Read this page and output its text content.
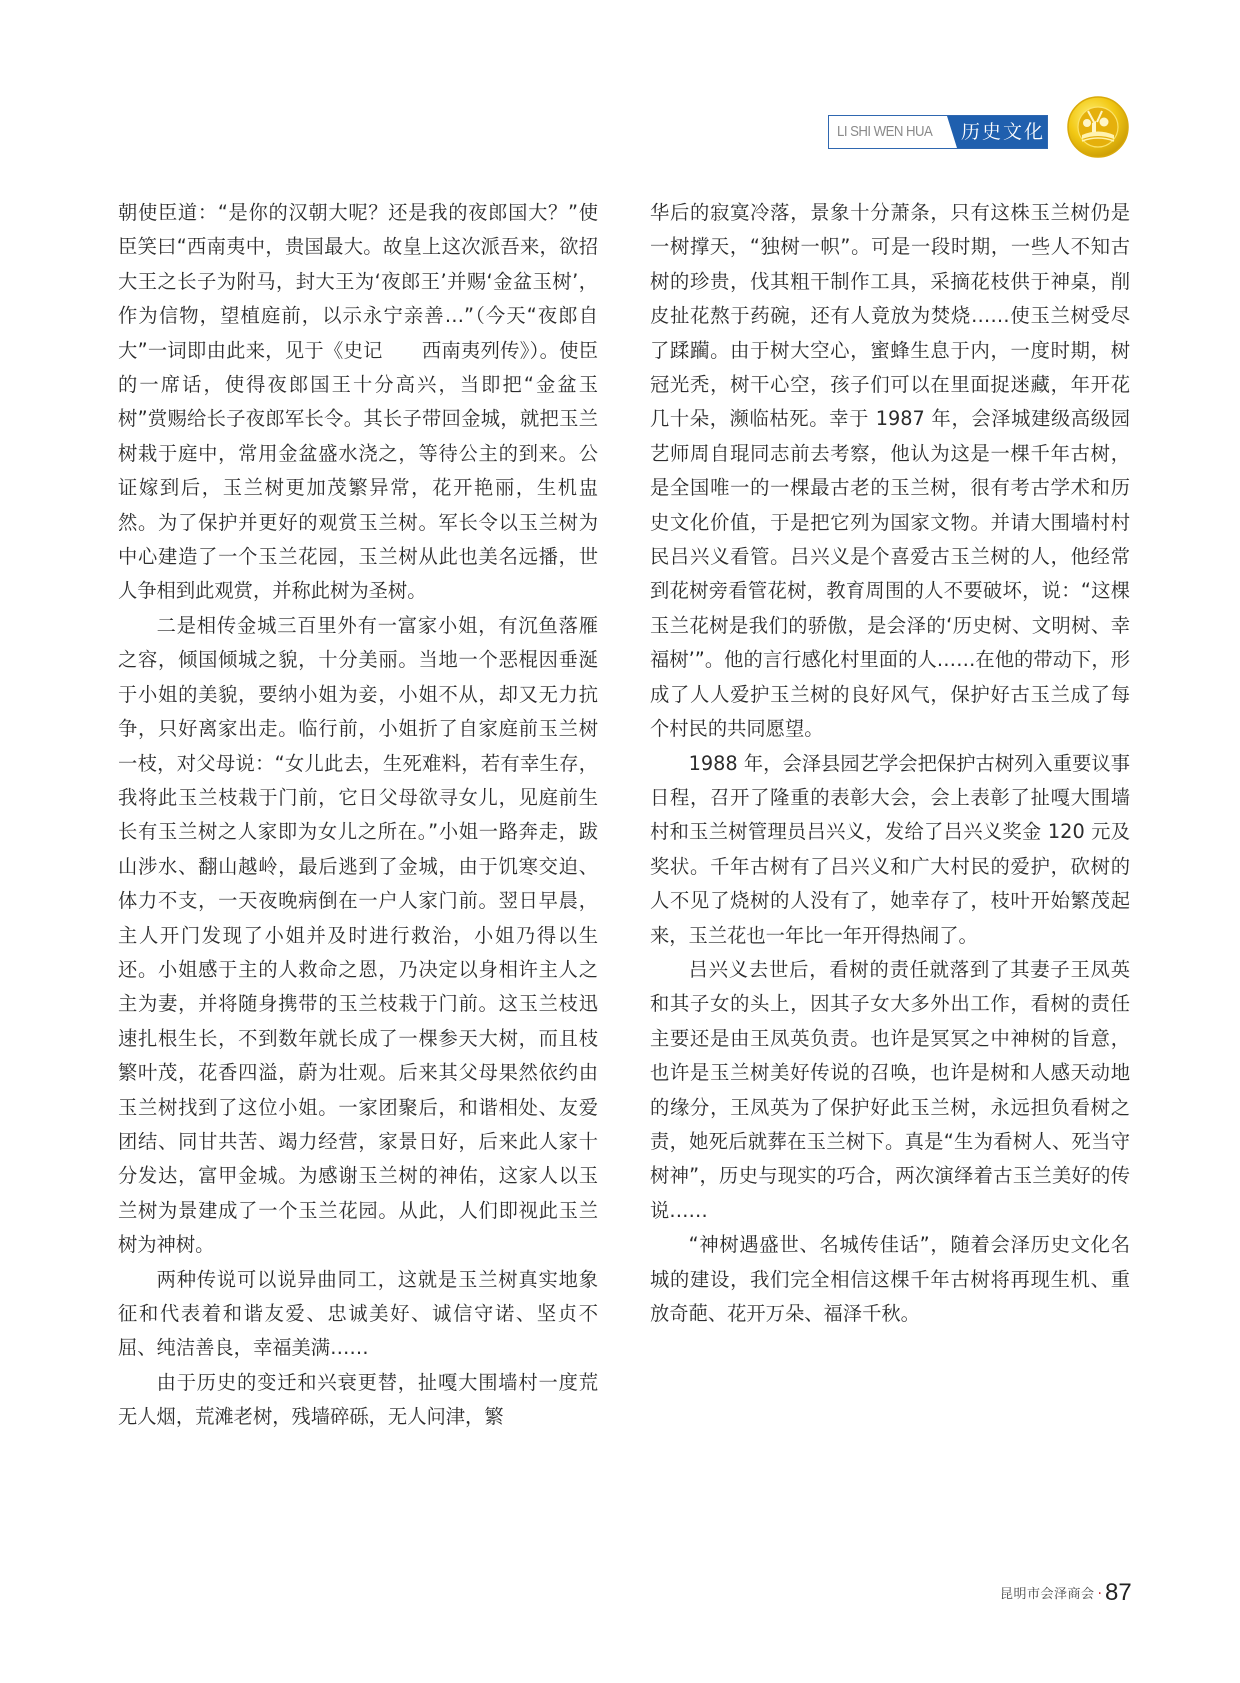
LI SHI WEN HUA 历史文化

朝使臣道：“是你的汉朝大呢？还是我的夜郎国大？”使臣笑曰“西南夷中，贵国最大。故皇上这次派吾来，欲招大王之长子为附马，封大王为‘夜郎王’并赐‘金盆玉树’，作为信物，望植庭前，以示永宁亲善…”（今天“夜郎自大”一词即由此来，见于《史记　　西南夷列传》）。使臣的一席话，使得夜郎国王十分高兴，当即把“金盆玉树”赏赐给长子夜郎军长令。其长子带回金城，就把玉兰树栽于庭中，常用金盆盛水浇之，等待公主的到来。公证嫁到后，玉兰树更加茂繁异常，花开艳丽，生机盅然。为了保护并更好的观赏玉兰树。军长令以玉兰树为中心建造了一个玉兰花园，玉兰树从此也美名远播，世人争相到此观赏，并称此树为圣树。

二是相传金城三百里外有一富家小姐，有沉鱼落雁之容，倾国倾城之貌，十分美丽。当地一个恶棍因垂涎于小姐的美貌，要纳小姐为妾，小姐不从，却又无力抗争，只好离家出走。临行前，小姐折了自家庭前玉兰树一枝，对父母说：“女儿此去，生死难料，若有幸生存，我将此玉兰枝栽于门前，它日父母欲寻女儿，见庭前生长有玉兰树之人家即为女儿之所在。”小姐一路奔走，跋山涉水、翻山越岭，最后逃到了金城，由于饥寒交迫、体力不支，一天夜晚病倒在一户人家门前。翌日早晨，主人开门发现了小姐并及时进行救治，小姐乃得以生还。小姐感于主的人救命之恩，乃决定以身相许主人之主为妻，并将随身携带的玉兰枝栽于门前。这玉兰枝迅速扎根生长，不到数年就长成了一棵参天大树，而且枝繁叶茂，花香四溢，蔚为壮观。后来其父母果然依约由玉兰树找到了这位小姐。一家团聚后，和谐相处、友爱团结、同甘共苦、竭力经营，家景日好，后来此人家十分发达，富甲金城。为感谢玉兰树的神佑，这家人以玉兰树为景建成了一个玉兰花园。从此，人们即视此玉兰树为神树。

两种传说可以说异曲同工，这就是玉兰树真实地象征和代表着和谐友爱、忠诚美好、诚信守诺、坚贞不屈、纯洁善良，幸福美满……

由于历史的变迁和兴衰更替，扯嘎大围墙村一度荒无人烟，荒滩老树，残墙碎砾，无人问津，繁

华后的寂寞冷落，景象十分萧条，只有这株玉兰树仍是一树撑天，“独树一帜”。可是一段时期，一些人不知古树的珍贵，伐其粗干制作工具，采摘花枝供于神桌，削皮扯花熬于药碗，还有人竟放为焚烧……使玉兰树受尽了蹂躏。由于树大空心，蜜蜂生息于内，一度时期，树冠光秃，树干心空，孩子们可以在里面捉迷藏，年开花几十朵，濒临枯死。幸于 1987 年，会泽城建级高级园艺师周自琨同志前去考察，他认为这是一棵千年古树，是全国唯一的一棵最古老的玉兰树，很有考古学术和历史文化价值，于是把它列为国家文物。并请大围墙村村民吕兴义看管。吕兴义是个喜爱古玉兰树的人，他经常到花树旁看管花树，教育周围的人不要破坏，说：“这棵玉兰花树是我们的骄傲，是会泽的‘历史树、文明树、幸福树’”。他的言行感化村里面的人……在他的带动下，形成了人人爱护玉兰树的良好风气，保护好古玉兰成了每个村民的共同愿望。

1988 年，会泽县园艺学会把保护古树列入重要议事日程，召开了隆重的表彰大会，会上表彰了扯嘎大围墙村和玉兰树管理员吕兴义，发给了吕兴义奖金 120 元及奖状。千年古树有了吕兴义和广大村民的爱护，砍树的人不见了烧树的人没有了，她幸存了，枝叶开始繁茂起来，玉兰花也一年比一年开得热闹了。

吕兴义去世后，看树的责任就落到了其妻子王凤英和其子女的头上，因其子女大多外出工作，看树的责任主要还是由王凤英负责。也许是冥冥之中神树的旨意，也许是玉兰树美好传说的召唤，也许是树和人感天动地的缘分，王凤英为了保护好此玉兰树，永远担负看树之责，她死后就葬在玉兰树下。真是“生为看树人、死当守树神”，历史与现实的巧合，两次演绎着古玉兰美好的传说……

“神树遇盛世、名城传佳话”，随着会泽历史文化名城的建设，我们完全相信这棵千年古树将再现生机、重放奇葩、花开万朵、福泽千秋。

昆明市会泽商会 · 87
